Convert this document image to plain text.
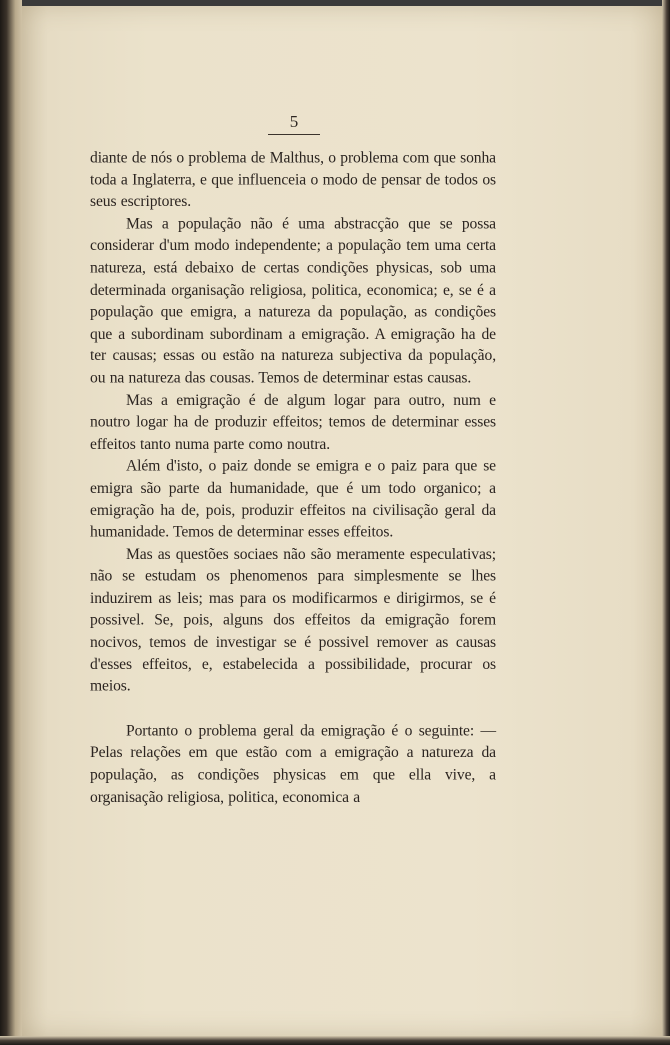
5

diante de nós o problema de Malthus, o problema com que sonha toda a Inglaterra, e que influenceia o modo de pensar de todos os seus escriptores.

Mas a população não é uma abstracção que se possa considerar d'um modo independente; a população tem uma certa natureza, está debaixo de certas condições physicas, sob uma determinada organisação religiosa, politica, economica; e, se é a população que emigra, a natureza da população, as condições que a subordinam subordinam a emigração. A emigração ha de ter causas; essas ou estão na natureza subjectiva da população, ou na natureza das cousas. Temos de determinar estas causas.

Mas a emigração é de algum logar para outro, num e noutro logar ha de produzir effeitos; temos de determinar esses effeitos tanto numa parte como noutra.

Além d'isto, o paiz donde se emigra e o paiz para que se emigra são parte da humanidade, que é um todo organico; a emigração ha de, pois, produzir effeitos na civilisação geral da humanidade. Temos de determinar esses effeitos.

Mas as questões sociaes não são meramente especulativas; não se estudam os phenomenos para simplesmente se lhes induzirem as leis; mas para os modificarmos e dirigirmos, se é possivel. Se, pois, alguns dos effeitos da emigração forem nocivos, temos de investigar se é possivel remover as causas d'esses effeitos, e, estabelecida a possibilidade, procurar os meios.

Portanto o problema geral da emigração é o seguinte: — Pelas relações em que estão com a emigração a natureza da população, as condições physicas em que ella vive, a organisação religiosa, politica, economica a
